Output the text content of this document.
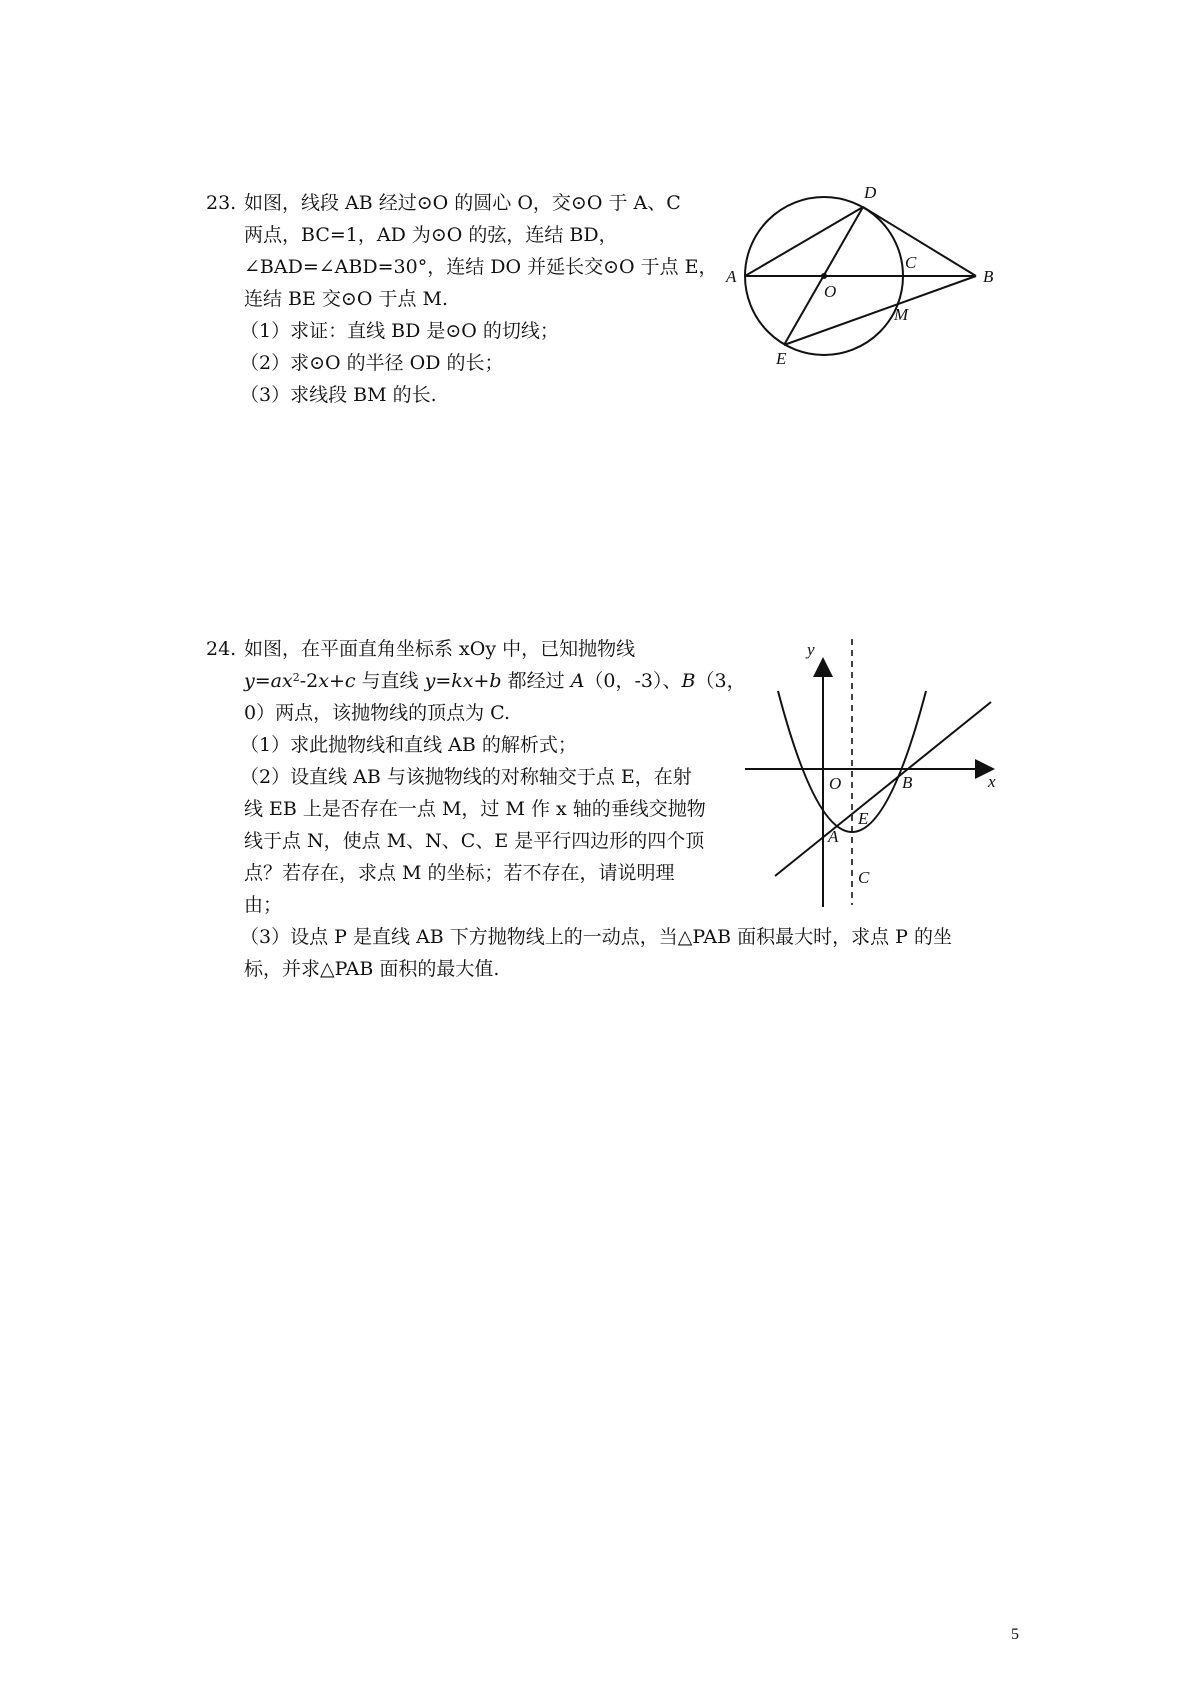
23. 如图，线段 AB 经过⊙O 的圆心 O，交⊙O 于 A、C
两点，BC=1，AD 为⊙O 的弦，连结 BD，
∠BAD=∠ABD=30°，连结 DO 并延长交⊙O 于点 E，
连结 BE 交⊙O 于点 M.
（1）求证：直线 BD 是⊙O 的切线；
（2）求⊙O 的半径 OD 的长；
（3）求线段 BM 的长.
A	B
C
D
E
M
O
24. 如图，在平面直角坐标系 xOy 中，已知抛物线
$y=ax^2-2x+c$ 与直线 y=kx+b 都经过 A（0，-3）、B（3，
0）两点，该抛物线的顶点为 C.
（1）求此抛物线和直线 AB 的解析式；
（2）设直线 AB 与该抛物线的对称轴交于点 E，在射
线 EB 上是否存在一点 M，过 M 作 x 轴的垂线交抛物
线于点 N，使点 M、N、C、E 是平行四边形的四个顶
点？若存在，求点 M 的坐标；若不存在，请说明理
由；
（3）设点 P 是直线 AB 下方抛物线上的一动点，当△PAB 面积最大时，求点 P 的坐
标，并求△PAB 面积的最大值.
y
x
O	B
A
E
C
5
